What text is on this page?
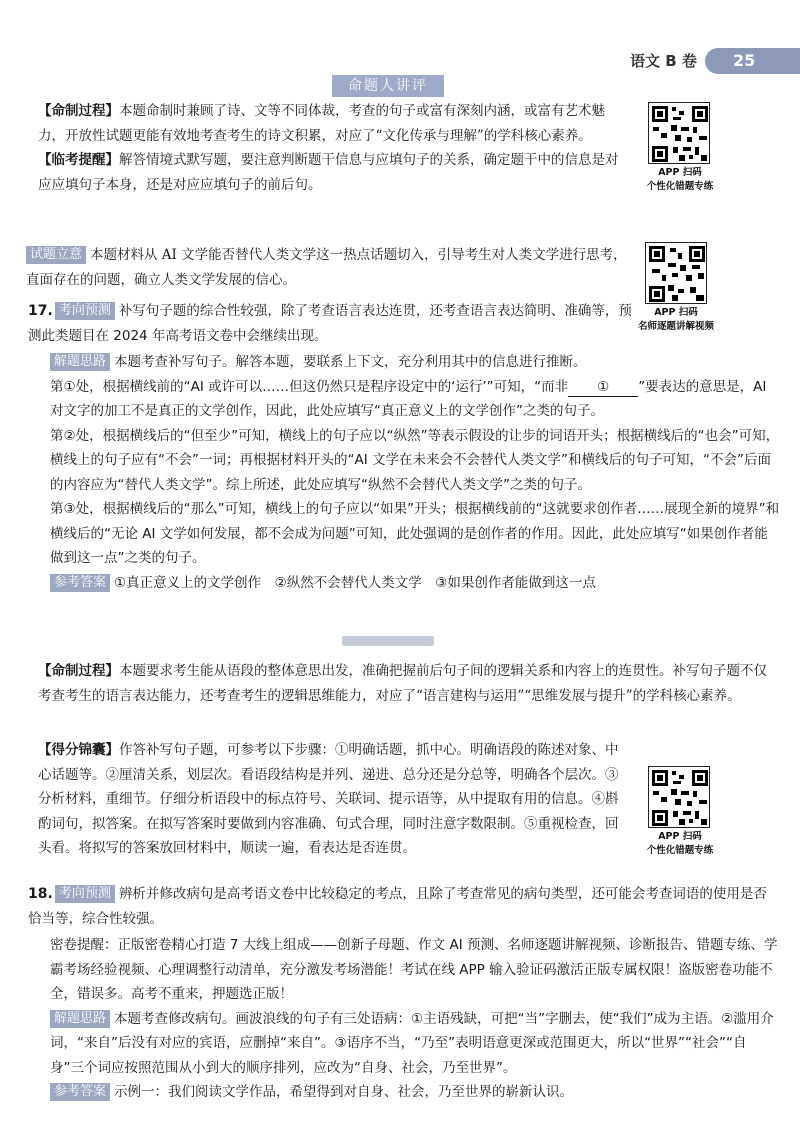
语文 B 卷 25
命题人讲评

【命制过程】本题命制时兼顾了诗、文等不同体裁，考查的句子或富有深刻内涵，或富有艺术魅力，开放性试题更能有效地考查考生的诗文积累，对应了“文化传承与理解”的学科核心素养。

【临考提醒】解答情境式默写题，要注意判断题干信息与应填句子的关系，确定题干中的信息是对应应填句子本身，还是对应应填句子的前后句。

APP 扫码
个性化错题专练

试题立意 本题材料从 AI 文学能否替代人类文学这一热点话题切入，引导考生对人类文学进行思考，直面存在的问题，确立人类文学发展的信心。

APP 扫码
名师逐题讲解视频

17. 考向预测 补写句子题的综合性较强，除了考查语言表达连贯，还考查语言表达简明、准确等，预测此类题目在 2024 年高考语文卷中会继续出现。

解题思路 本题考查补写句子。解答本题，要联系上下文，充分利用其中的信息进行推断。

第①处，根据横线前的“AI 或许可以……但这仍然只是程序设定中的‘运行’”可知，“而非 ① ”要表达的意思是，AI 对文字的加工不是真正的文学创作，因此，此处应填写“真正意义上的文学创作”之类的句子。

第②处，根据横线后的“但至少”可知，横线上的句子应以“纵然”等表示假设的让步的词语开头；根据横线后的“也会”可知，横线上的句子应有“不会”一词；再根据材料开头的“AI 文学在未来会不会替代人类文学”和横线后的句子可知，“不会”后面的内容应为“替代人类文学”。综上所述，此处应填写“纵然不会替代人类文学”之类的句子。

第③处，根据横线后的“那么”可知，横线上的句子应以“如果”开头；根据横线前的“这就要求创作者……展现全新的境界”和横线后的“无论 AI 文学如何发展，都不会成为问题”可知，此处强调的是创作者的作用。因此，此处应填写“如果创作者能做到这一点”之类的句子。

参考答案 ①真正意义上的文学创作　②纵然不会替代人类文学　③如果创作者能做到这一点

【命制过程】本题要求考生能从语段的整体意思出发，准确把握前后句子间的逻辑关系和内容上的连贯性。补写句子题不仅考查考生的语言表达能力，还考查考生的逻辑思维能力，对应了“语言建构与运用”“思维发展与提升”的学科核心素养。

【得分锦囊】作答补写句子题，可参考以下步骤：①明确话题，抓中心。明确语段的陈述对象、中心话题等。②厘清关系，划层次。看语段结构是并列、递进、总分还是分总等，明确各个层次。③分析材料，重细节。仔细分析语段中的标点符号、关联词、提示语等，从中提取有用的信息。④斟酌词句，拟答案。在拟写答案时要做到内容准确、句式合理，同时注意字数限制。⑤重视检查，回头看。将拟写的答案放回材料中，顺读一遍，看表达是否连贯。

APP 扫码
个性化错题专练

18. 考向预测 辨析并修改病句是高考语文卷中比较稳定的考点，且除了考查常见的病句类型，还可能会考查词语的使用是否恰当等，综合性较强。

密卷提醒：正版密卷精心打造 7 大线上组成——创新子母题、作文 AI 预测、名师逐题讲解视频、诊断报告、错题专练、学霸考场经验视频、心理调整行动清单，充分激发考场潜能！考试在线 APP 输入验证码激活正版专属权限！盗版密卷功能不全，错误多。高考不重来，押题选正版！

解题思路 本题考查修改病句。画波浪线的句子有三处语病：①主语残缺，可把“当”字删去，使“我们”成为主语。②滥用介词，“来自”后没有对应的宾语，应删掉“来自”。③语序不当，“乃至”表明语意更深或范围更大，所以“世界”“社会”“自身”三个词应按照范围从小到大的顺序排列，应改为“自身、社会，乃至世界”。

参考答案 示例一：我们阅读文学作品，希望得到对自身、社会，乃至世界的崭新认识。
